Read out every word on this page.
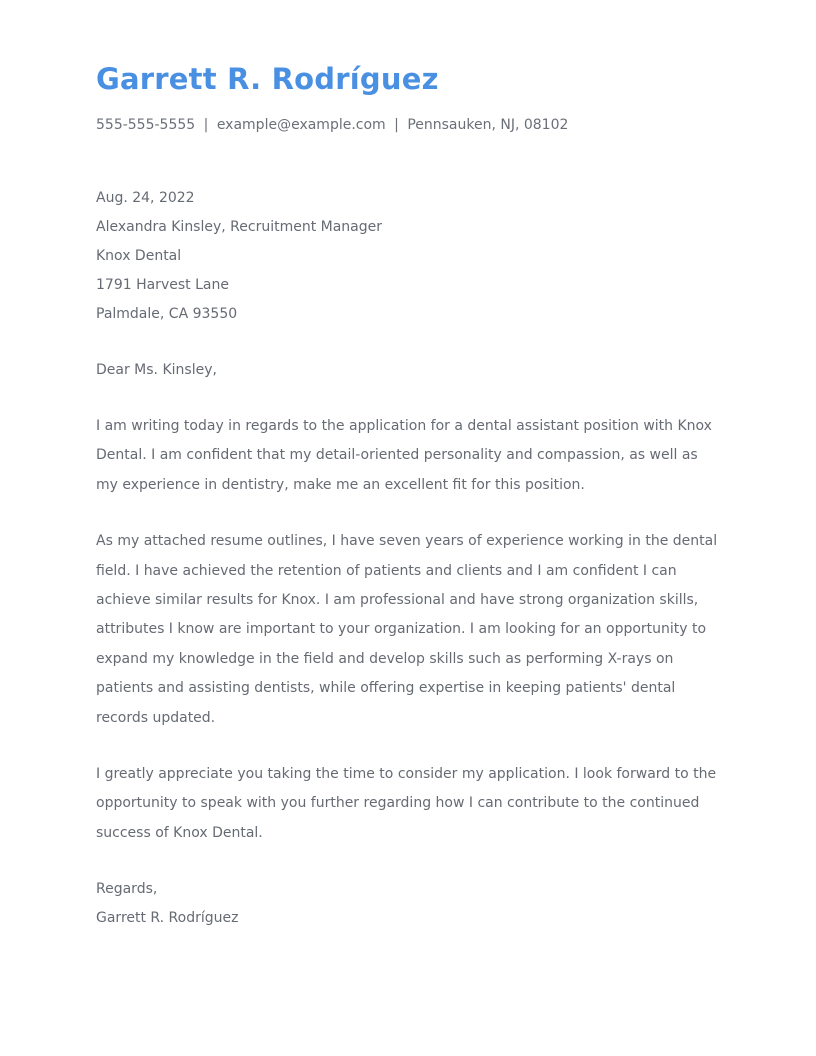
Garrett R. Rodríguez
555-555-5555 | example@example.com | Pennsauken, NJ, 08102
Aug. 24, 2022
Alexandra Kinsley, Recruitment Manager
Knox Dental
1791 Harvest Lane
Palmdale, CA 93550
Dear Ms. Kinsley,

I am writing today in regards to the application for a dental assistant position with Knox Dental. I am confident that my detail-oriented personality and compassion, as well as my experience in dentistry, make me an excellent fit for this position.

As my attached resume outlines, I have seven years of experience working in the dental field. I have achieved the retention of patients and clients and I am confident I can achieve similar results for Knox. I am professional and have strong organization skills, attributes I know are important to your organization. I am looking for an opportunity to expand my knowledge in the field and develop skills such as performing X-rays on patients and assisting dentists, while offering expertise in keeping patients' dental records updated.

I greatly appreciate you taking the time to consider my application. I look forward to the opportunity to speak with you further regarding how I can contribute to the continued success of Knox Dental.

Regards,
Garrett R. Rodríguez
